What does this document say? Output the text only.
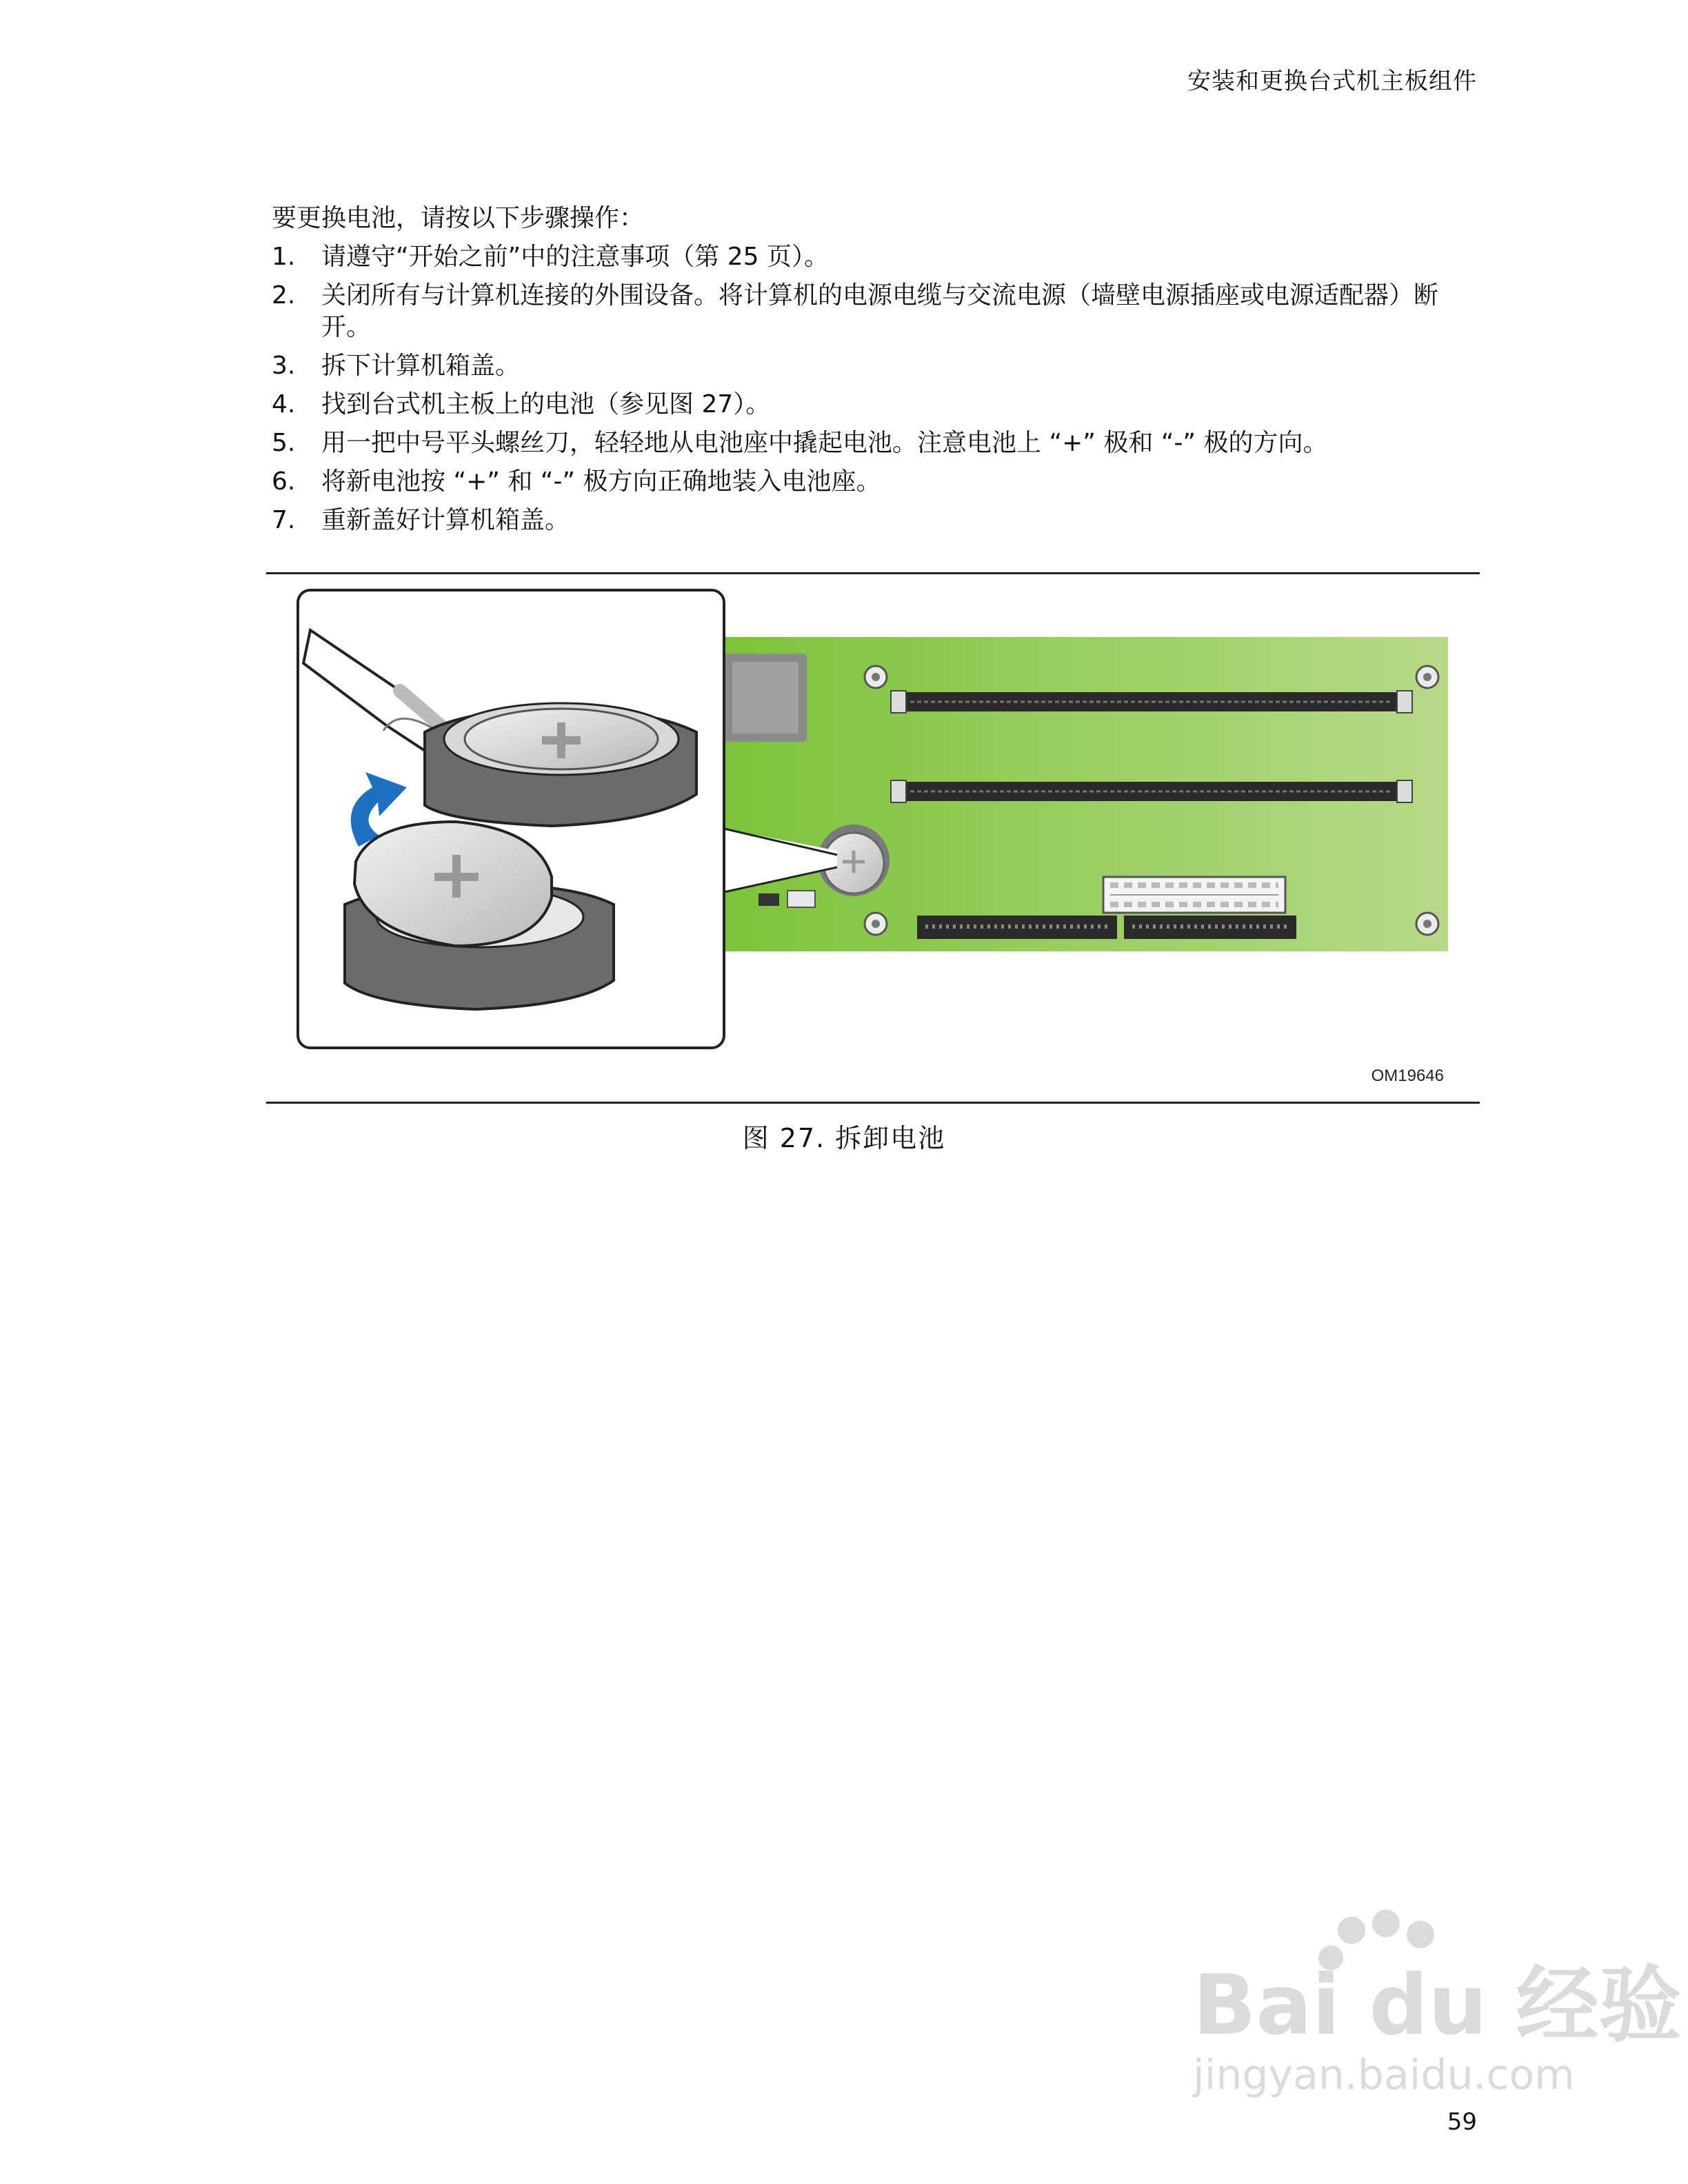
安装和更换台式机主板组件

要更换电池，请按以下步骤操作：

1.	请遵守“开始之前”中的注意事项（第 25 页）。
2.	关闭所有与计算机连接的外围设备。将计算机的电源电缆与交流电源（墙壁电源插座或电源适配器）断开。
3.	拆下计算机箱盖。
4.	找到台式机主板上的电池（参见图 27）。
5.	用一把中号平头螺丝刀，轻轻地从电池座中撬起电池。注意电池上 “+” 极和 “-” 极的方向。
6.	将新电池按 “+” 和 “-” 极方向正确地装入电池座。
7.	重新盖好计算机箱盖。
OM19646
图 27. 拆卸电池
Bai du 经验
jingyan.baidu.com
59
